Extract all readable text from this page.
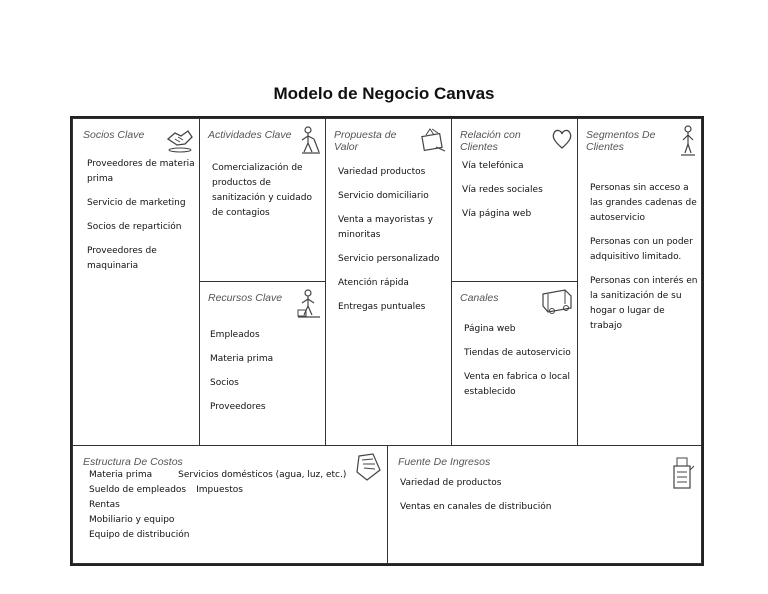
Modelo de Negocio Canvas
Socios Clave
Proveedores de materia prima
Servicio de marketing
Socios de repartición
Proveedores de maquinaria
Actividades Clave
Comercialización de productos de sanitización y cuidado de contagios
Recursos Clave
Empleados
Materia prima
Socios
Proveedores
Propuesta de
Valor
Variedad productos
Servicio domiciliario
Venta a mayoristas y minoritas
Servicio personalizado
Atención rápida
Entregas puntuales
Relación con
Clientes
Vía telefónica
Vía redes sociales
Vía página web
Canales
Página web
Tiendas de autoservicio
Venta en fabrica o local establecido
Segmentos De
Clientes
Personas sin acceso a las grandes cadenas de autoservicio
Personas con un poder adquisitivo limitado.
Personas con interés en la sanitización de su hogar o lugar de trabajo
Estructura De Costos
Materia prima	Servicios domésticos (agua, luz, etc.)
Sueldo de empleados Impuestos
Rentas
Mobiliario y equipo
Equipo de distribución
Fuente De Ingresos
Variedad de productos
Ventas en canales de distribución
